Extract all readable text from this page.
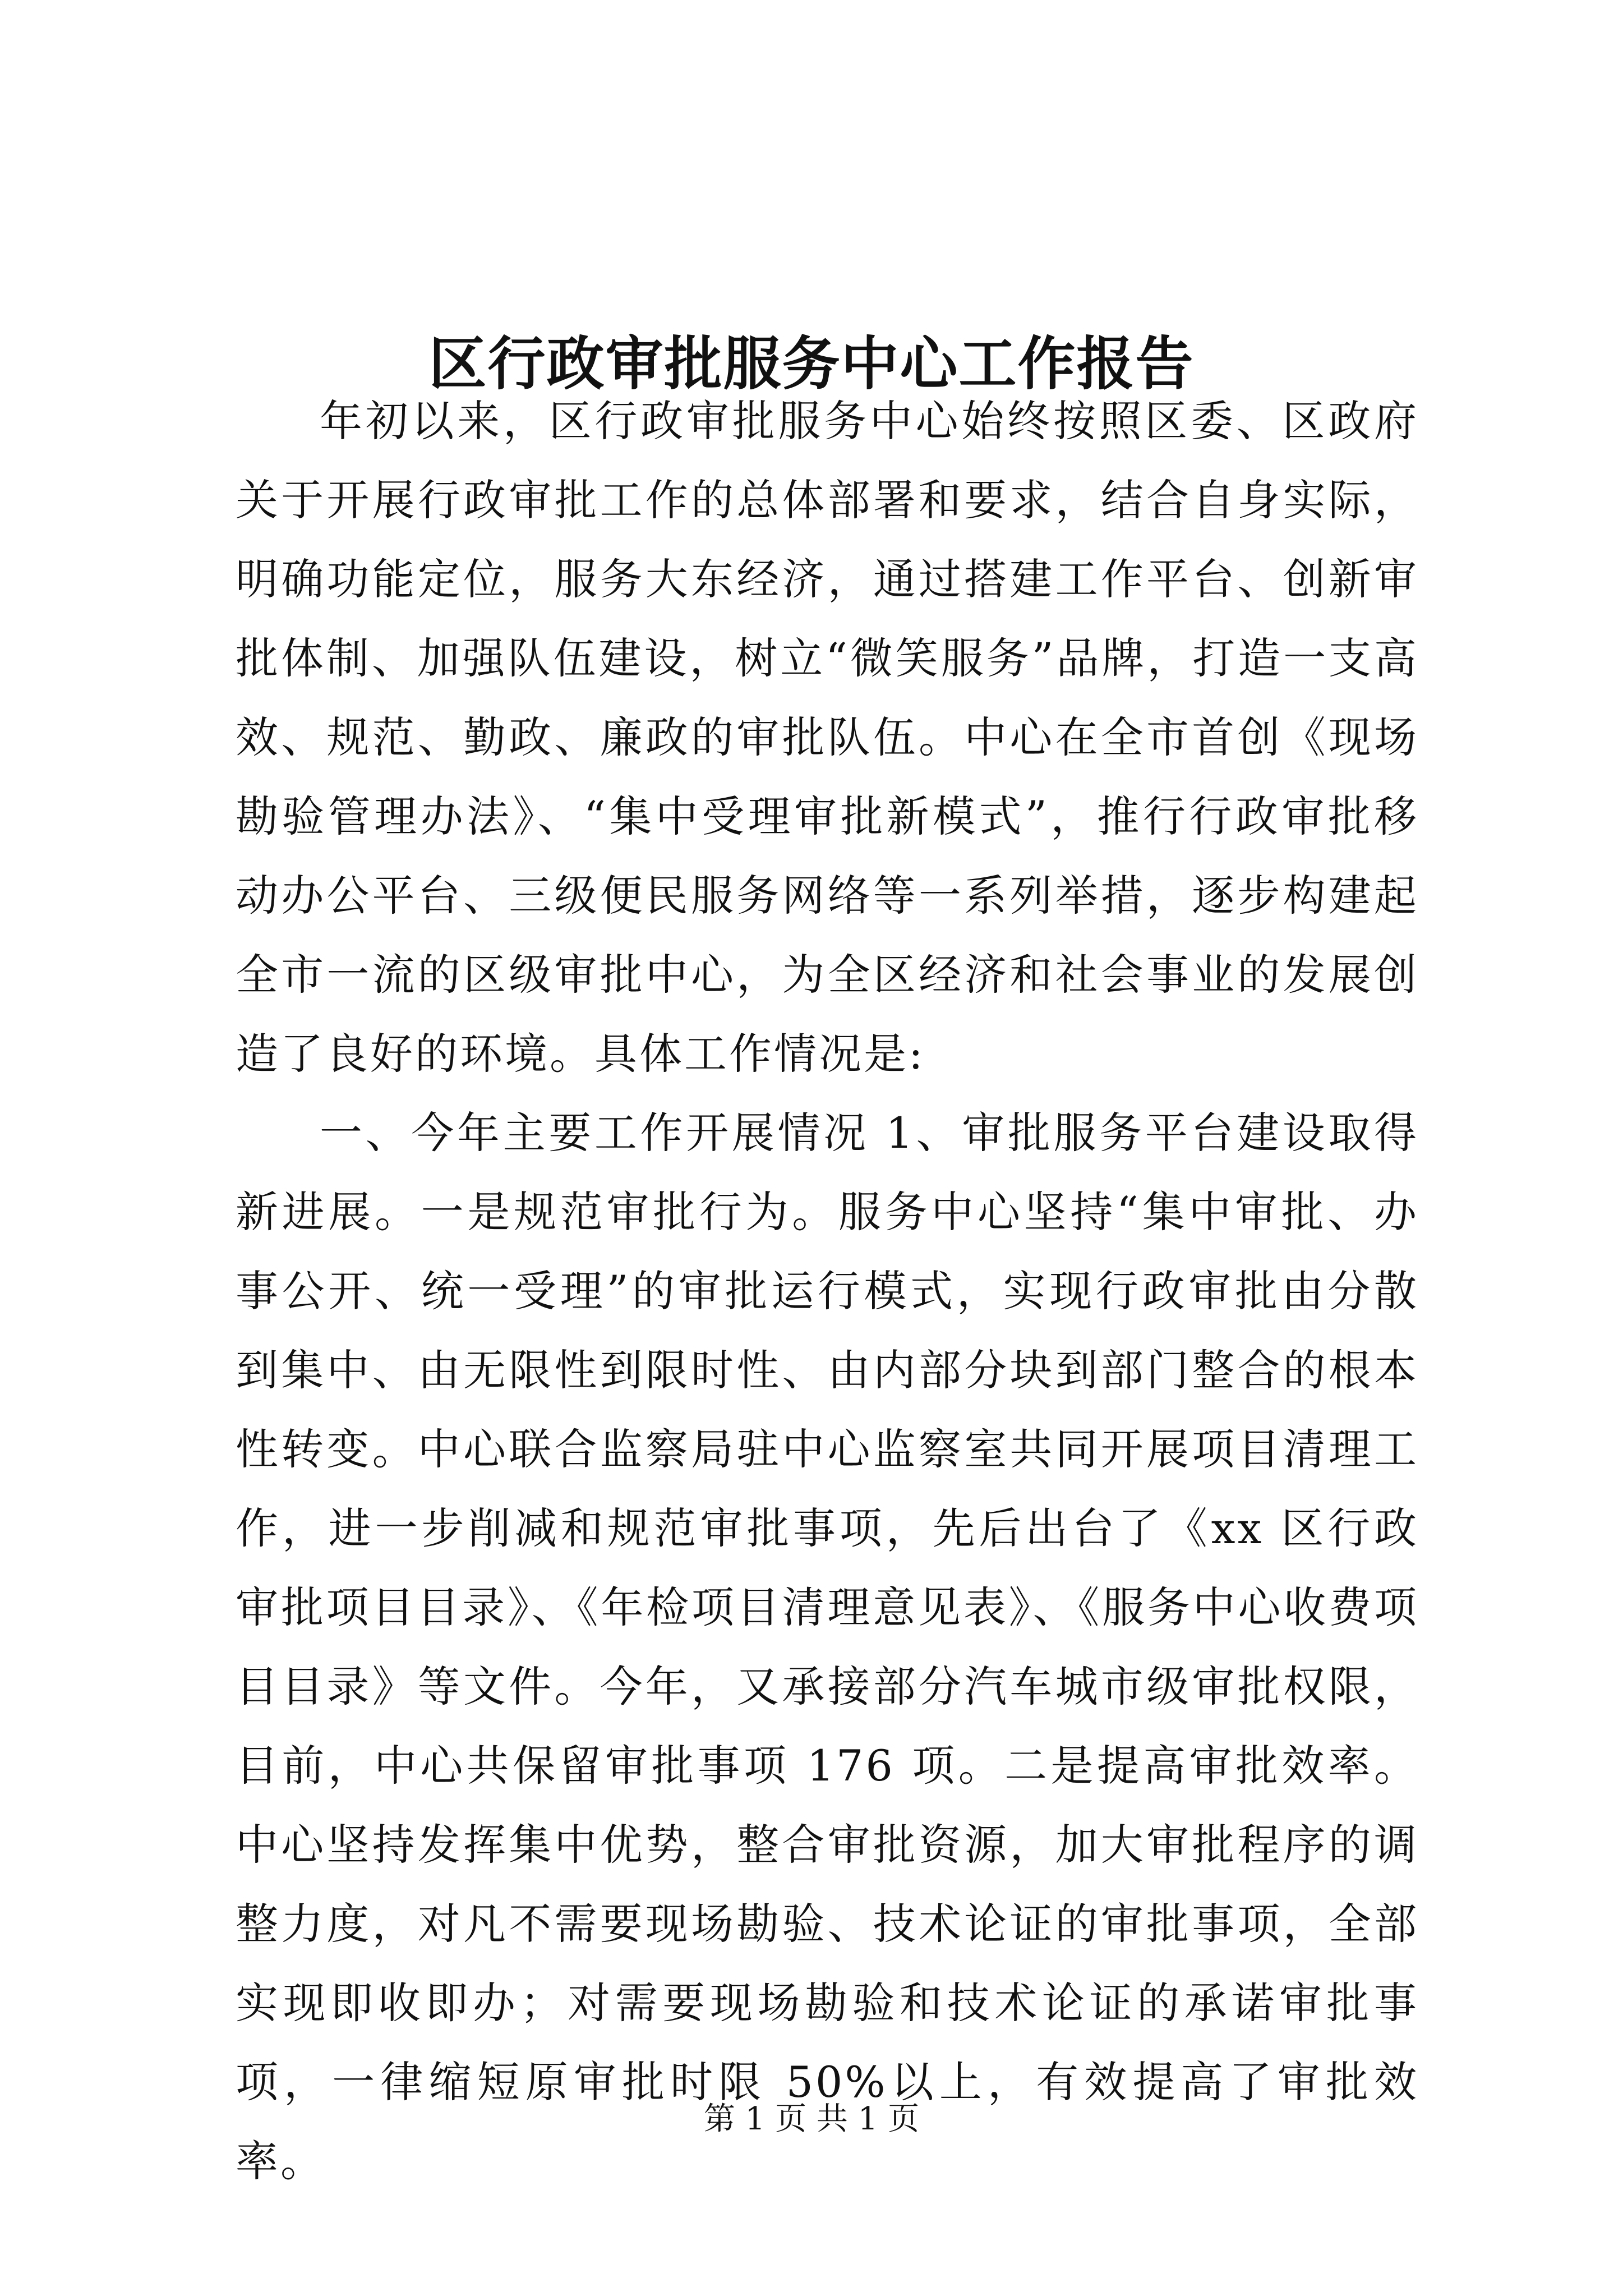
区行政审批服务中心工作报告

年初以来，区行政审批服务中心始终按照区委、区政府关于开展行政审批工作的总体部署和要求，结合自身实际，明确功能定位，服务大东经济，通过搭建工作平台、创新审批体制、加强队伍建设，树立“微笑服务”品牌，打造一支高效、规范、勤政、廉政的审批队伍。中心在全市首创《现场勘验管理办法》、“集中受理审批新模式”，推行行政审批移动办公平台、三级便民服务网络等一系列举措，逐步构建起全市一流的区级审批中心，为全区经济和社会事业的发展创造了良好的环境。具体工作情况是:

一、今年主要工作开展情况 1、审批服务平台建设取得新进展。一是规范审批行为。服务中心坚持“集中审批、办事公开、统一受理”的审批运行模式，实现行政审批由分散到集中、由无限性到限时性、由内部分块到部门整合的根本性转变。中心联合监察局驻中心监察室共同开展项目清理工作，进一步削减和规范审批事项，先后出台了《xx 区行政审批项目目录》、《年检项目清理意见表》、《服务中心收费项目目录》等文件。今年，又承接部分汽车城市级审批权限，目前，中心共保留审批事项 176 项。二是提高审批效率。中心坚持发挥集中优势，整合审批资源，加大审批程序的调整力度，对凡不需要现场勘验、技术论证的审批事项，全部实现即收即办；对需要现场勘验和技术论证的承诺审批事项，一律缩短原审批时限 50%以上，有效提高了审批效率。

第 1 页 共 1 页
